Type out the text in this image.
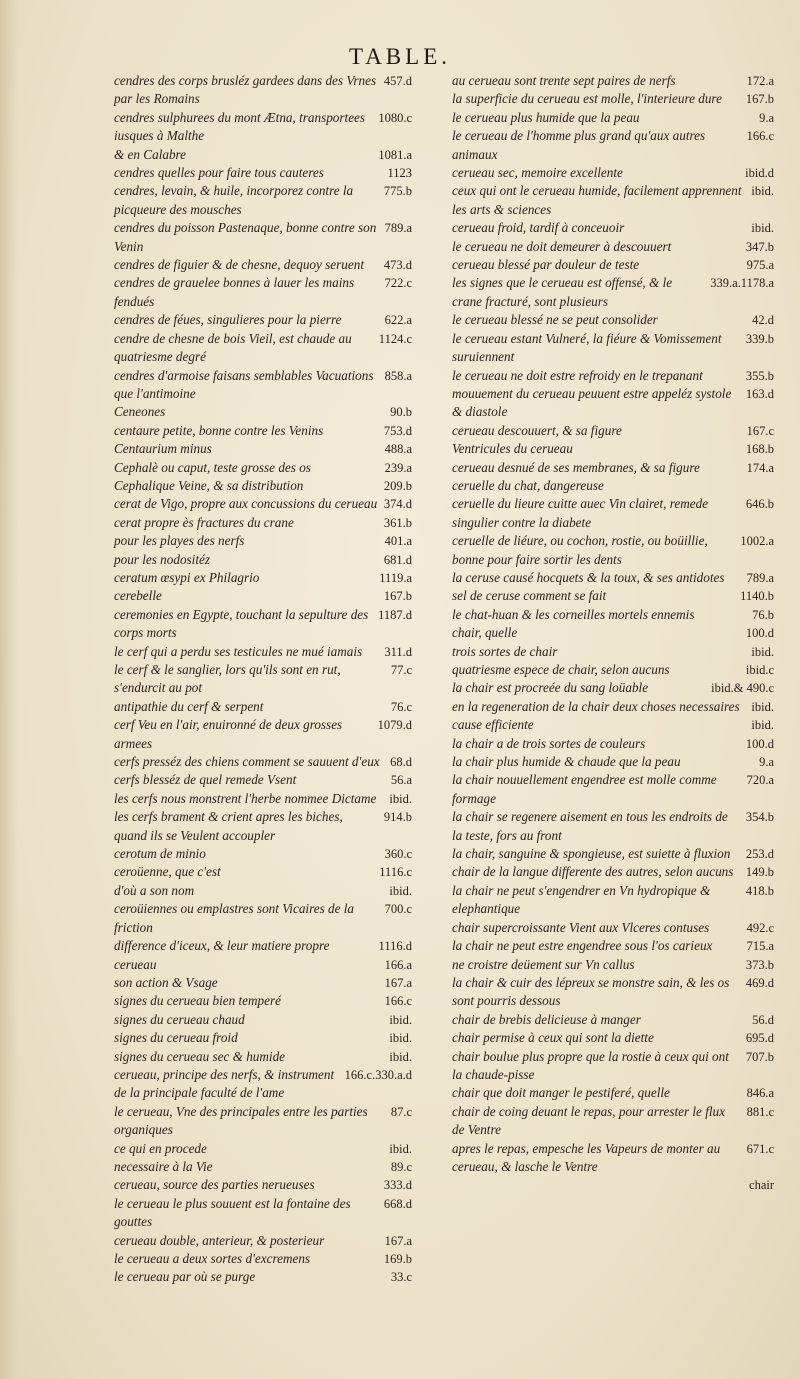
TABLE.
457.d
cendres des corps brusléz gardees dans des Vrnes par les Romains
1080.c
cendres sulphurees du mont Ætna, transportees iusques à Malthe
1081.a
& en Calabre
1123
cendres quelles pour faire tous cauteres
775.b
cendres, levain, & huile, incorporez contre la picqueure des mousches
789.a
cendres du poisson Pastenaque, bonne contre son Venin
473.d
cendres de figuier & de chesne, dequoy seruent
722.c
cendres de grauelee bonnes à lauer les mains fendués
622.a
cendres de féues, singulieres pour la pierre
1124.c
cendre de chesne de bois Vieil, est chaude au quatriesme degré
858.a
cendres d'armoise faisans semblables Vacuations que l'antimoine
90.b
Ceneones
753.d
centaure petite, bonne contre les Venins
488.a
Centaurium minus
239.a
Cephalè ou caput, teste grosse des os
209.b
Cephalique Veine, & sa distribution
374.d
cerat de Vigo, propre aux concussions du cerueau
361.b
cerat propre ès fractures du crane
401.a
pour les playes des nerfs
681.d
pour les nodositéz
1119.a
ceratum œsypi ex Philagrio
167.b
cerebelle
1187.d
ceremonies en Egypte, touchant la sepulture des corps morts
311.d
le cerf qui a perdu ses testicules ne mué iamais
77.c
le cerf & le sanglier, lors qu'ils sont en rut, s'endurcit au pot
76.c
antipathie du cerf & serpent
1079.d
cerf Veu en l'air, enuironné de deux grosses armees
68.d
cerfs presséz des chiens comment se sauuent d'eux
56.a
cerfs blesséz de quel remede Vsent
ibid.
les cerfs nous monstrent l'herbe nommee Dictame
914.b
les cerfs brament & crient apres les biches, quand ils se Veulent accoupler
360.c
cerotum de minio
1116.c
ceroüenne, que c'est
ibid.
d'où a son nom
700.c
ceroüiennes ou emplastres sont Vicaires de la friction
1116.d
difference d'iceux, & leur matiere propre
166.a
cerueau
167.a
son action & Vsage
166.c
signes du cerueau bien temperé
ibid.
signes du cerueau chaud
ibid.
signes du cerueau froid
ibid.
signes du cerueau sec & humide
166.c.330.a.d
cerueau, principe des nerfs, & instrument de la principale faculté de l'ame
87.c
le cerueau, Vne des principales entre les parties organiques
ibid.
ce qui en procede
89.c
necessaire à la Vie
333.d
cerueau, source des parties nerueuses
668.d
le cerueau le plus souuent est la fontaine des gouttes
167.a
cerueau double, anterieur, & posterieur
169.b
le cerueau a deux sortes d'excremens
33.c
le cerueau par où se purge
172.a
au cerueau sont trente sept paires de nerfs
167.b
la superficie du cerueau est molle, l'interieure dure
9.a
le cerueau plus humide que la peau
166.c
le cerueau de l'homme plus grand qu'aux autres animaux
ibid.d
cerueau sec, memoire excellente
ibid.
ceux qui ont le cerueau humide, facilement apprennent les arts & sciences
ibid.
cerueau froid, tardif à conceuoir
347.b
le cerueau ne doit demeurer à descouuert
975.a
cerueau blessé par douleur de teste
339.a.1178.a
les signes que le cerueau est offensé, & le crane fracturé, sont plusieurs
42.d
le cerueau blessé ne se peut consolider
339.b
le cerueau estant Vulneré, la fiéure & Vomissement suruiennent
355.b
le cerueau ne doit estre refroidy en le trepanant
163.d
mouuement du cerueau peuuent estre appeléz systole & diastole
167.c
cerueau descouuert, & sa figure
168.b
Ventricules du cerueau
174.a
cerueau desnué de ses membranes, & sa figure
ceruelle du chat, dangereuse
646.b
ceruelle du lieure cuitte auec Vin clairet, remede singulier contre la diabete
1002.a
ceruelle de liéure, ou cochon, rostie, ou boüillie, bonne pour faire sortir les dents
789.a
la ceruse causé hocquets & la toux, & ses antidotes
1140.b
sel de ceruse comment se fait
76.b
le chat-huan & les corneilles mortels ennemis
100.d
chair, quelle
ibid.
trois sortes de chair
ibid.c
quatriesme espece de chair, selon aucuns
ibid.& 490.c
la chair est procreée du sang loüable
ibid.
en la regeneration de la chair deux choses necessaires
ibid.
cause efficiente
100.d
la chair a de trois sortes de couleurs
9.a
la chair plus humide & chaude que la peau
720.a
la chair nouuellement engendree est molle comme formage
354.b
la chair se regenere aisement en tous les endroits de la teste, fors au front
253.d
la chair, sanguine & spongieuse, est suiette à fluxion
149.b
chair de la langue differente des autres, selon aucuns
418.b
la chair ne peut s'engendrer en Vn hydropique & elephantique
492.c
chair supercroissante Vient aux Vlceres contuses
715.a
la chair ne peut estre engendree sous l'os carieux
373.b
ne croistre deüement sur Vn callus
469.d
la chair & cuir des lépreux se monstre sain, & les os sont pourris dessous
56.d
chair de brebis delicieuse à manger
695.d
chair permise à ceux qui sont la diette
707.b
chair boulue plus propre que la rostie à ceux qui ont la chaude-pisse
846.a
chair que doit manger le pestiferé, quelle
881.c
chair de coing deuant le repas, pour arrester le flux de Ventre
671.c
apres le repas, empesche les Vapeurs de monter au cerueau, & lasche le Ventre
chair
